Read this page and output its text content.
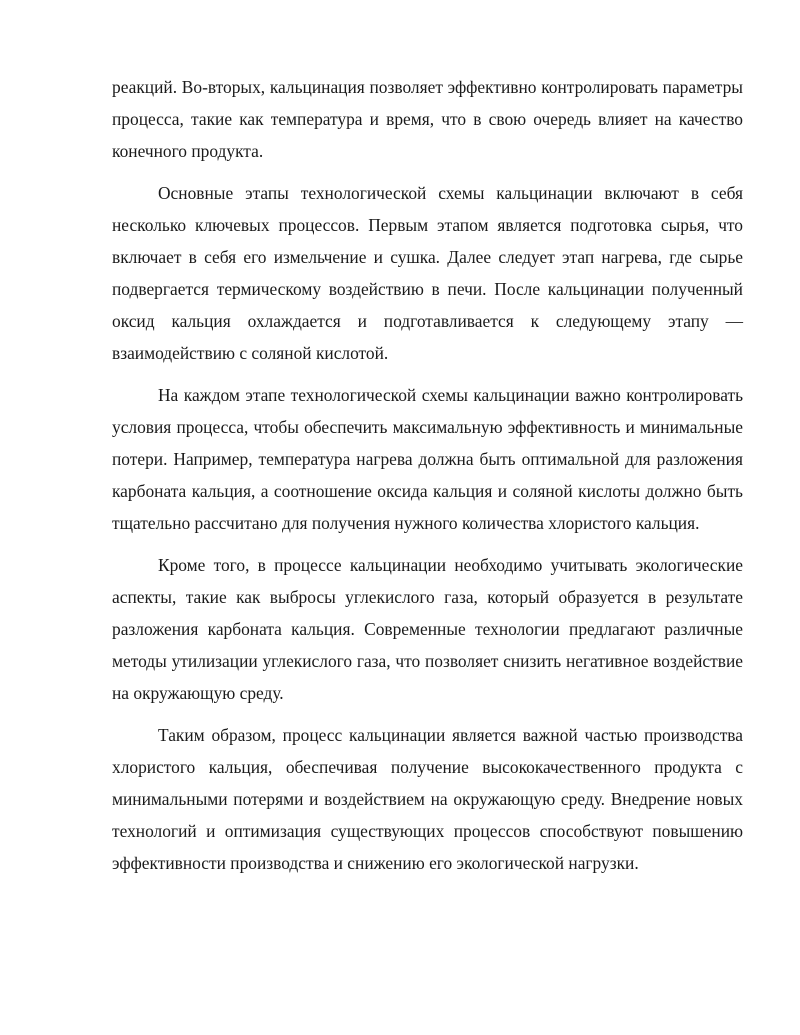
реакций. Во-вторых, кальцинация позволяет эффективно контролировать параметры процесса, такие как температура и время, что в свою очередь влияет на качество конечного продукта.

Основные этапы технологической схемы кальцинации включают в себя несколько ключевых процессов. Первым этапом является подготовка сырья, что включает в себя его измельчение и сушка. Далее следует этап нагрева, где сырье подвергается термическому воздействию в печи. После кальцинации полученный оксид кальция охлаждается и подготавливается к следующему этапу — взаимодействию с соляной кислотой.

На каждом этапе технологической схемы кальцинации важно контролировать условия процесса, чтобы обеспечить максимальную эффективность и минимальные потери. Например, температура нагрева должна быть оптимальной для разложения карбоната кальция, а соотношение оксида кальция и соляной кислоты должно быть тщательно рассчитано для получения нужного количества хлористого кальция.

Кроме того, в процессе кальцинации необходимо учитывать экологические аспекты, такие как выбросы углекислого газа, который образуется в результате разложения карбоната кальция. Современные технологии предлагают различные методы утилизации углекислого газа, что позволяет снизить негативное воздействие на окружающую среду.

Таким образом, процесс кальцинации является важной частью производства хлористого кальция, обеспечивая получение высококачественного продукта с минимальными потерями и воздействием на окружающую среду. Внедрение новых технологий и оптимизация существующих процессов способствуют повышению эффективности производства и снижению его экологической нагрузки.
